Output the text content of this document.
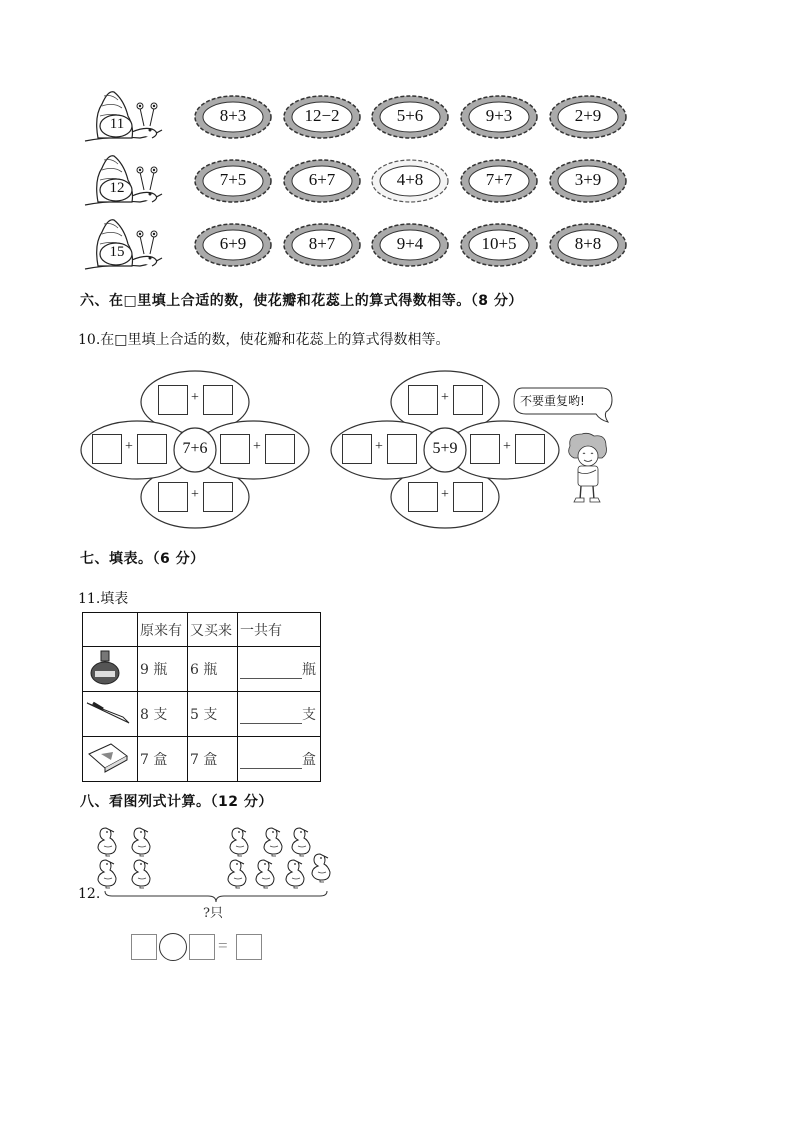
11	8+3	12−2	5+6	9+3	2+9
12	7+5	6+7	4+8	7+7	3+9
15	6+9	8+7	9+4	10+5	8+8
六、在□里填上合适的数，使花瓣和花蕊上的算式得数相等。（8 分）
10.在□里填上合适的数，使花瓣和花蕊上的算式得数相等。
+
+	7+6	+
+
+
+	5+9	+
+
不要重复哟!
七、填表。（6 分）
11.填表
	原来有	又买来	一共有
	9 瓶	6 瓶	瓶
	8 支	5 支	支
	7 盒	7 盒	盒
八、看图列式计算。（12 分）
12.
?只
=
